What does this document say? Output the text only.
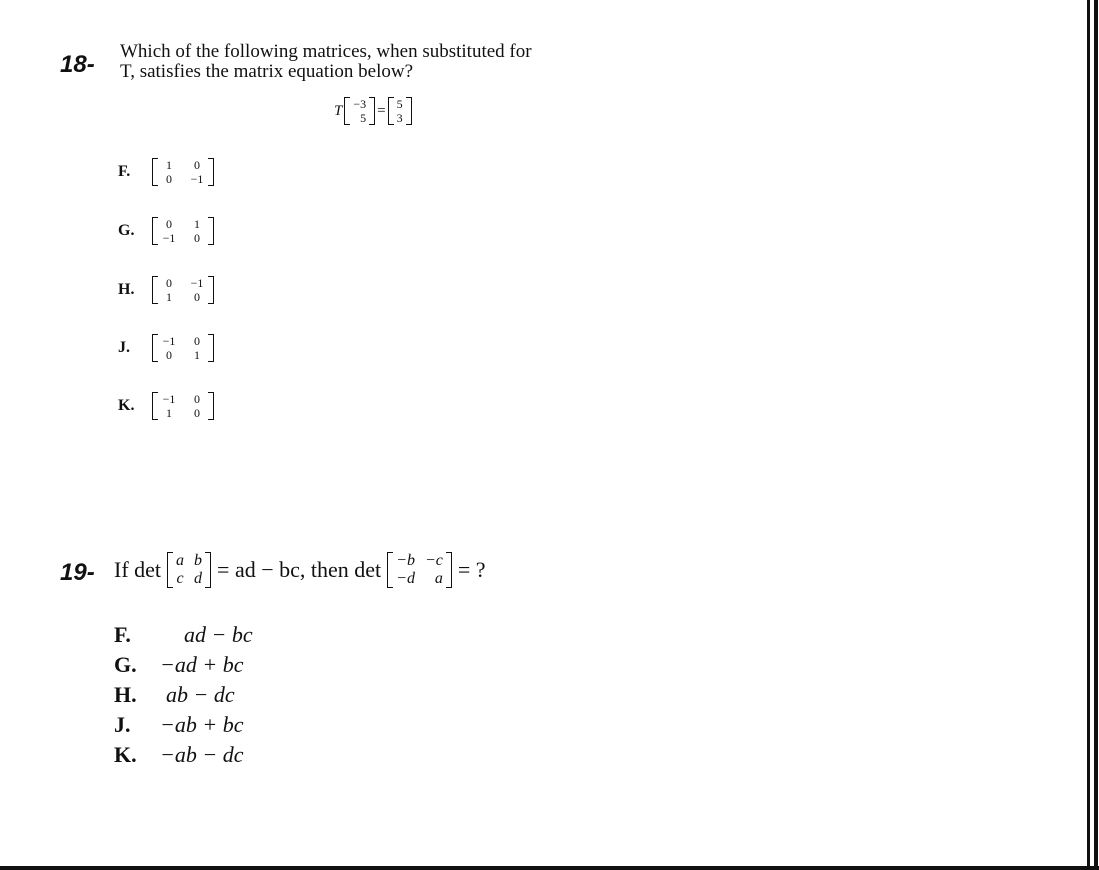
18- Which of the following matrices, when substituted for
T, satisfies the matrix equation below?
T −3
5 = 5
3
F.	1	0
0	−1
G.	0	1
−1	0
H.	0	−1
1	0
J.	−1	0
0	1
K.	−1	0
1	0
19- If det a b
c d = ad − bc, then det −b −c
−d a = ?
F. ad − bc
G. −ad + bc
H. ab − dc
J. −ab + bc
K. −ab − dc
